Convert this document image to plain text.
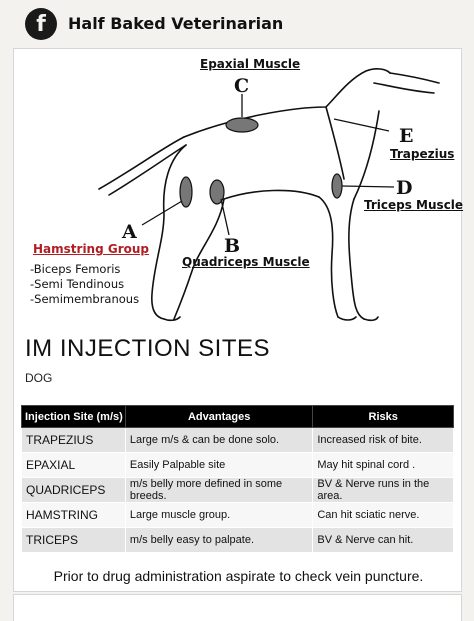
f	Half Baked Veterinarian
Epaxial Muscle
C
E
Trapezius
D
Triceps Muscle
A
B
Quadriceps Muscle
Hamstring Group
-Biceps Femoris
-Semi Tendinous
-Semimembranous
IM INJECTION SITES
DOG
Injection Site (m/s)	Advantages	Risks
TRAPEZIUS	Large m/s & can be done solo.	Increased risk of bite.
EPAXIAL	Easily Palpable site	May hit spinal cord .
QUADRICEPS	m/s belly more defined in some breeds.	BV & Nerve runs in the area.
HAMSTRING	Large muscle group.	Can hit sciatic nerve.
TRICEPS	m/s belly easy to palpate.	BV & Nerve can hit.
Prior to drug administration aspirate to check vein puncture.
